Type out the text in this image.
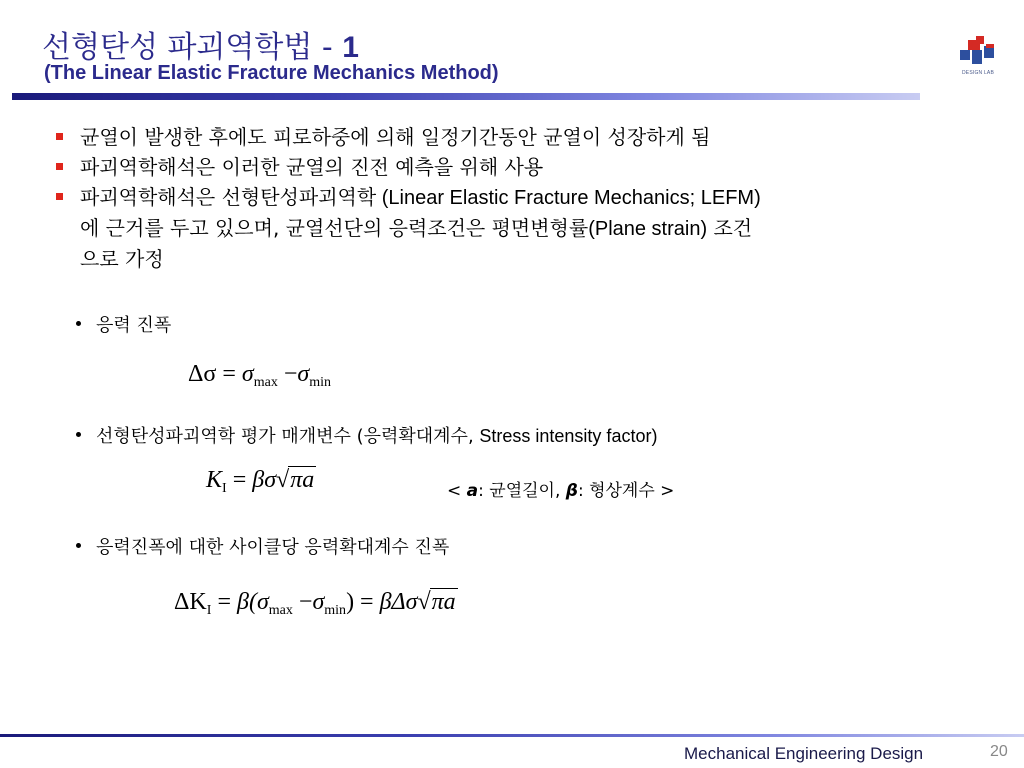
선형탄성 파괴역학법 - 1
(The Linear Elastic Fracture Mechanics Method)	DESIGN LAB
균열이 발생한 후에도 피로하중에 의해 일정기간동안 균열이 성장하게 됨
파괴역학해석은 이러한 균열의 진전 예측을 위해 사용
파괴역학해석은 선형탄성파괴역학 (Linear Elastic Fracture Mechanics; LEFM)
에 근거를 두고 있으며, 균열선단의 응력조건은 평면변형률(Plane strain) 조건
으로 가정
응력 진폭
$\Delta\sigma = \sigma_{max} -\sigma_{min}$
선형탄성파괴역학 평가 매개변수 (응력확대계수, Stress intensity factor)
$K_I = \beta\sigma√\pi a$	< a: 균열길이, β: 형상계수 >
응력진폭에 대한 사이클당 응력확대계수 진폭
$\Delta K_I = \beta(\sigma_{max} -\sigma_{min}) = \beta\Delta\sigma√\pi a$
Mechanical Engineering Design	20
